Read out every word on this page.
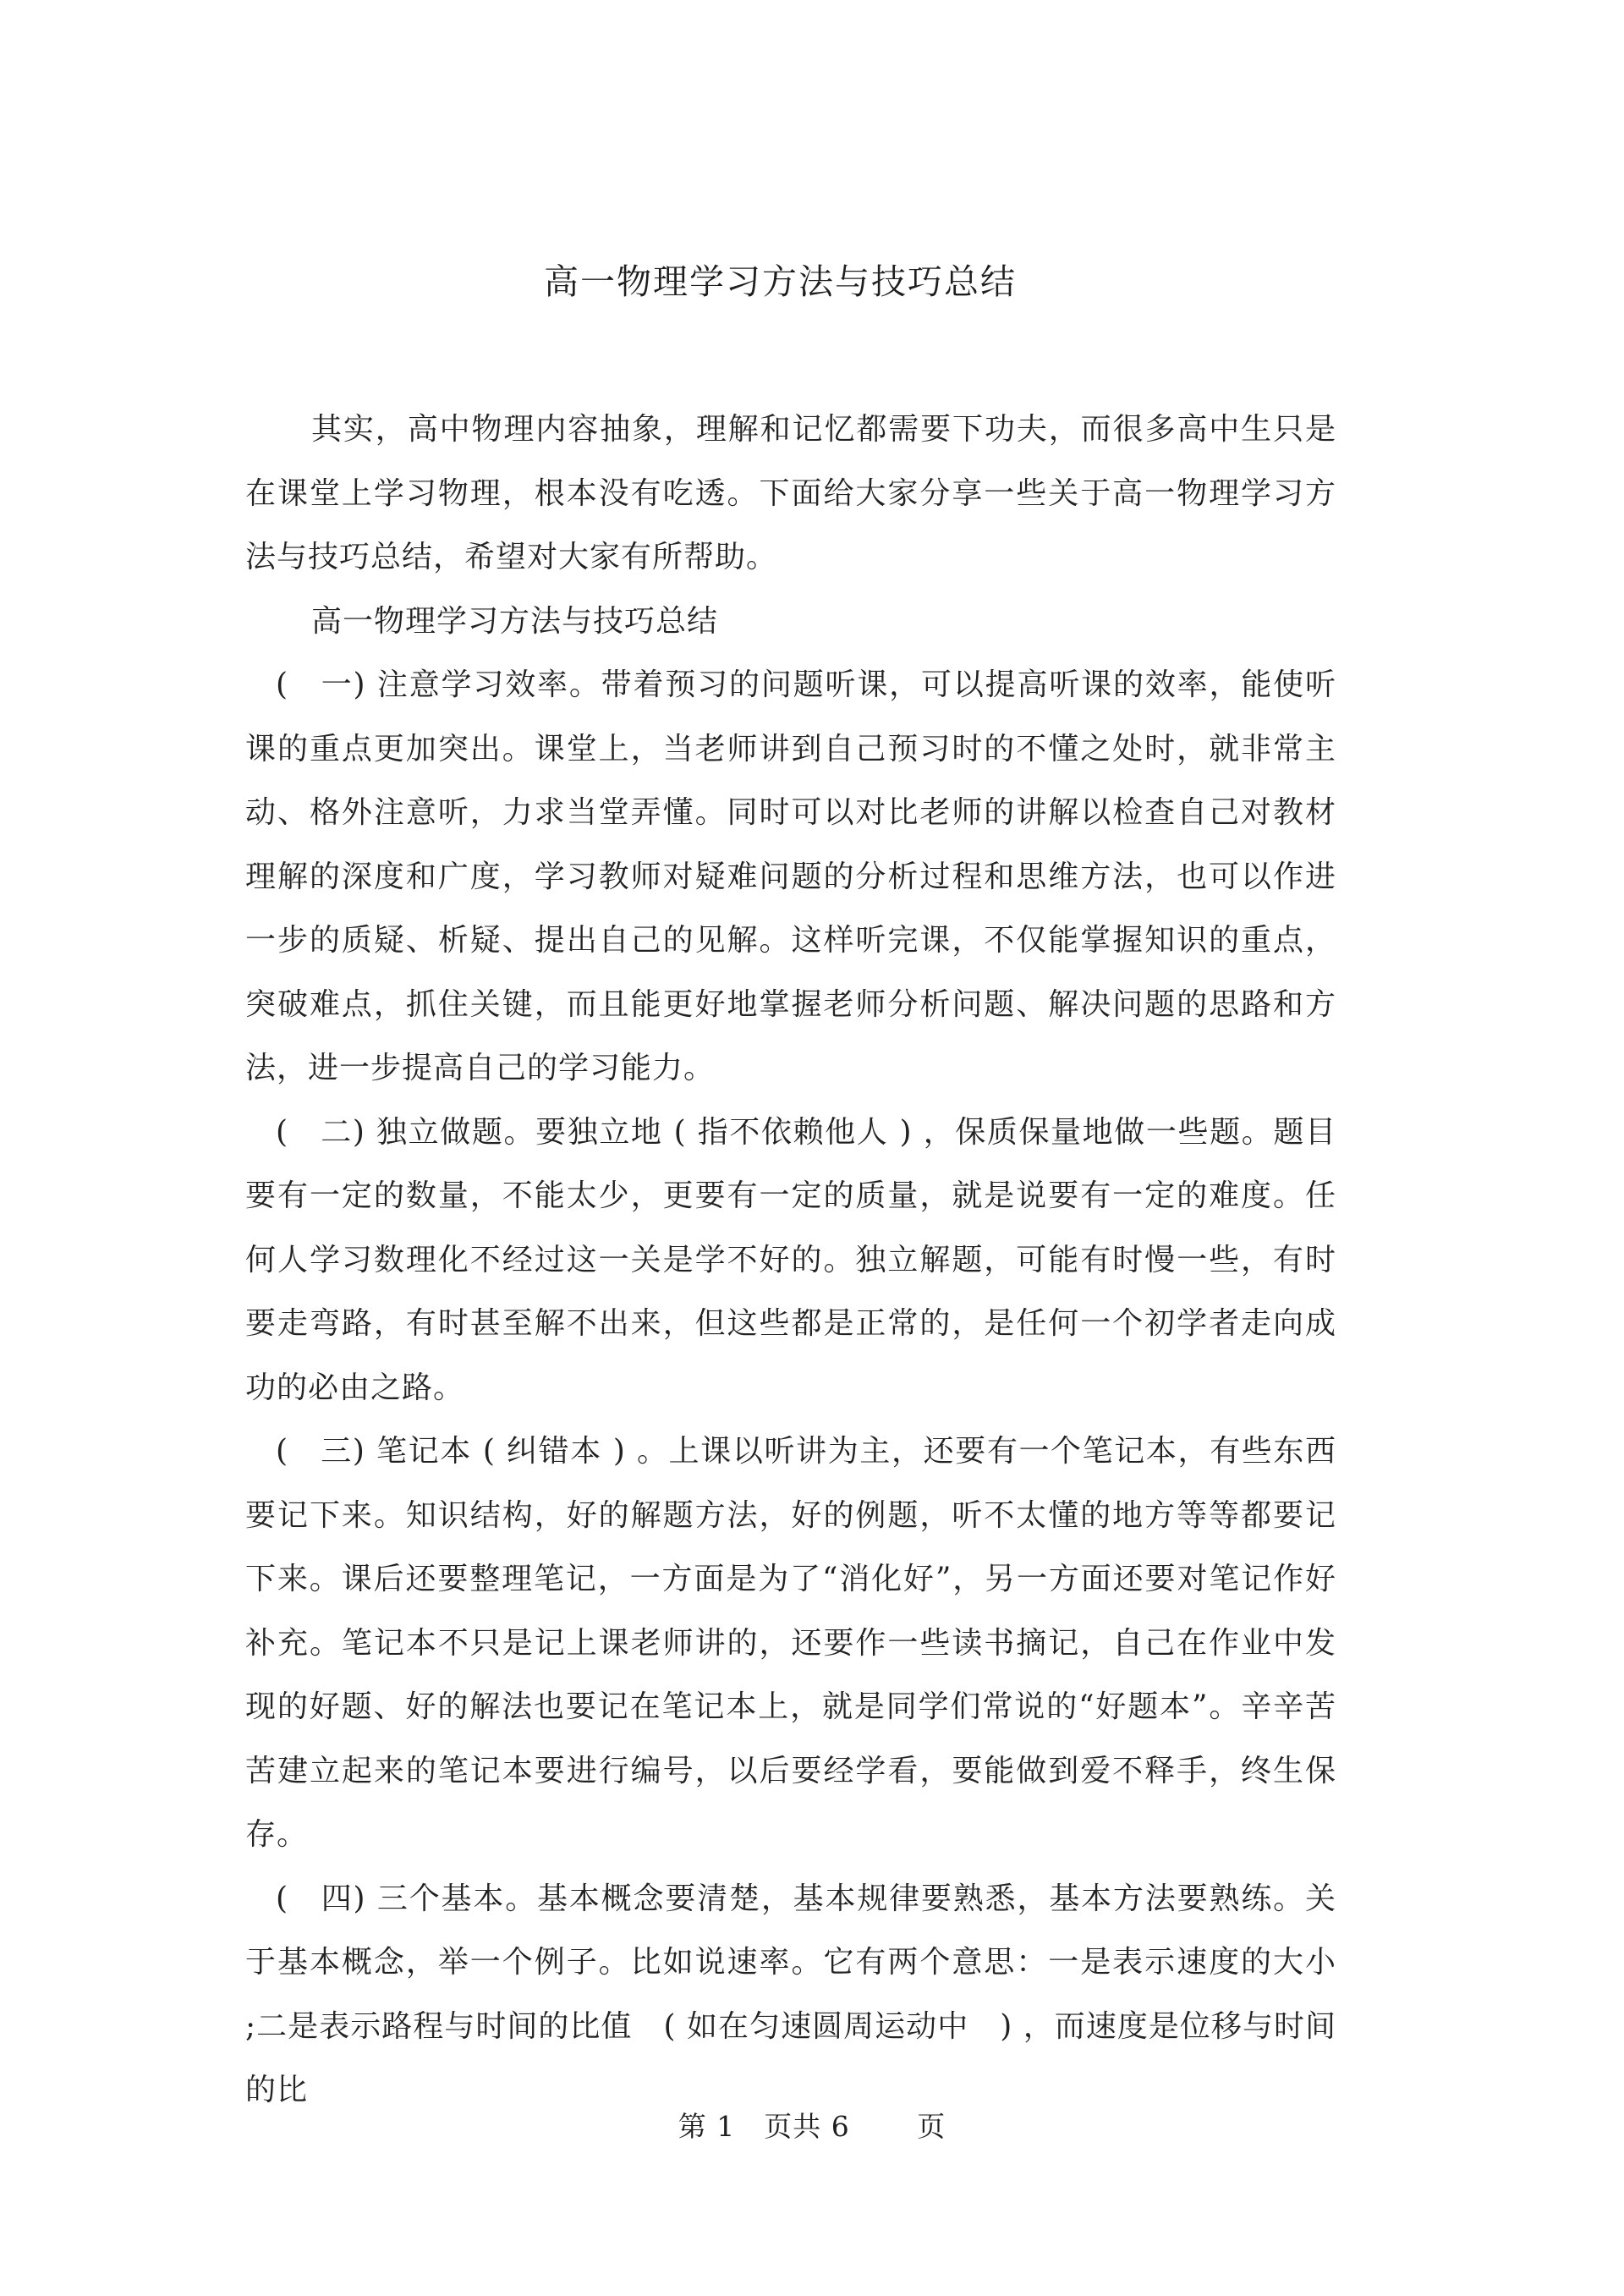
高一物理学习方法与技巧总结

其实，高中物理内容抽象，理解和记忆都需要下功夫，而很多高中生只是在课堂上学习物理，根本没有吃透。下面给大家分享一些关于高一物理学习方法与技巧总结，希望对大家有所帮助。

高一物理学习方法与技巧总结

(　一) 注意学习效率。带着预习的问题听课，可以提高听课的效率，能使听课的重点更加突出。课堂上，当老师讲到自己预习时的不懂之处时，就非常主动、格外注意听，力求当堂弄懂。同时可以对比老师的讲解以检查自己对教材理解的深度和广度，学习教师对疑难问题的分析过程和思维方法，也可以作进一步的质疑、析疑、提出自己的见解。这样听完课，不仅能掌握知识的重点，突破难点，抓住关键，而且能更好地掌握老师分析问题、解决问题的思路和方法，进一步提高自己的学习能力。

(　二) 独立做题。要独立地 ( 指不依赖他人 ) ，保质保量地做一些题。题目要有一定的数量，不能太少，更要有一定的质量，就是说要有一定的难度。任何人学习数理化不经过这一关是学不好的。独立解题，可能有时慢一些，有时要走弯路，有时甚至解不出来，但这些都是正常的，是任何一个初学者走向成功的必由之路。

(　三) 笔记本 ( 纠错本 ) 。上课以听讲为主，还要有一个笔记本，有些东西要记下来。知识结构，好的解题方法，好的例题，听不太懂的地方等等都要记下来。课后还要整理笔记，一方面是为了“消化好”，另一方面还要对笔记作好补充。笔记本不只是记上课老师讲的，还要作一些读书摘记，自己在作业中发现的好题、好的解法也要记在笔记本上，就是同学们常说的“好题本”。辛辛苦苦建立起来的笔记本要进行编号，以后要经学看，要能做到爱不释手，终生保存。

(　四) 三个基本。基本概念要清楚，基本规律要熟悉，基本方法要熟练。关于基本概念，举一个例子。比如说速率。它有两个意思：一是表示速度的大小　　　　;二是表示路程与时间的比值　( 如在匀速圆周运动中　) ，而速度是位移与时间的比

第 1　页共 6　　 页
